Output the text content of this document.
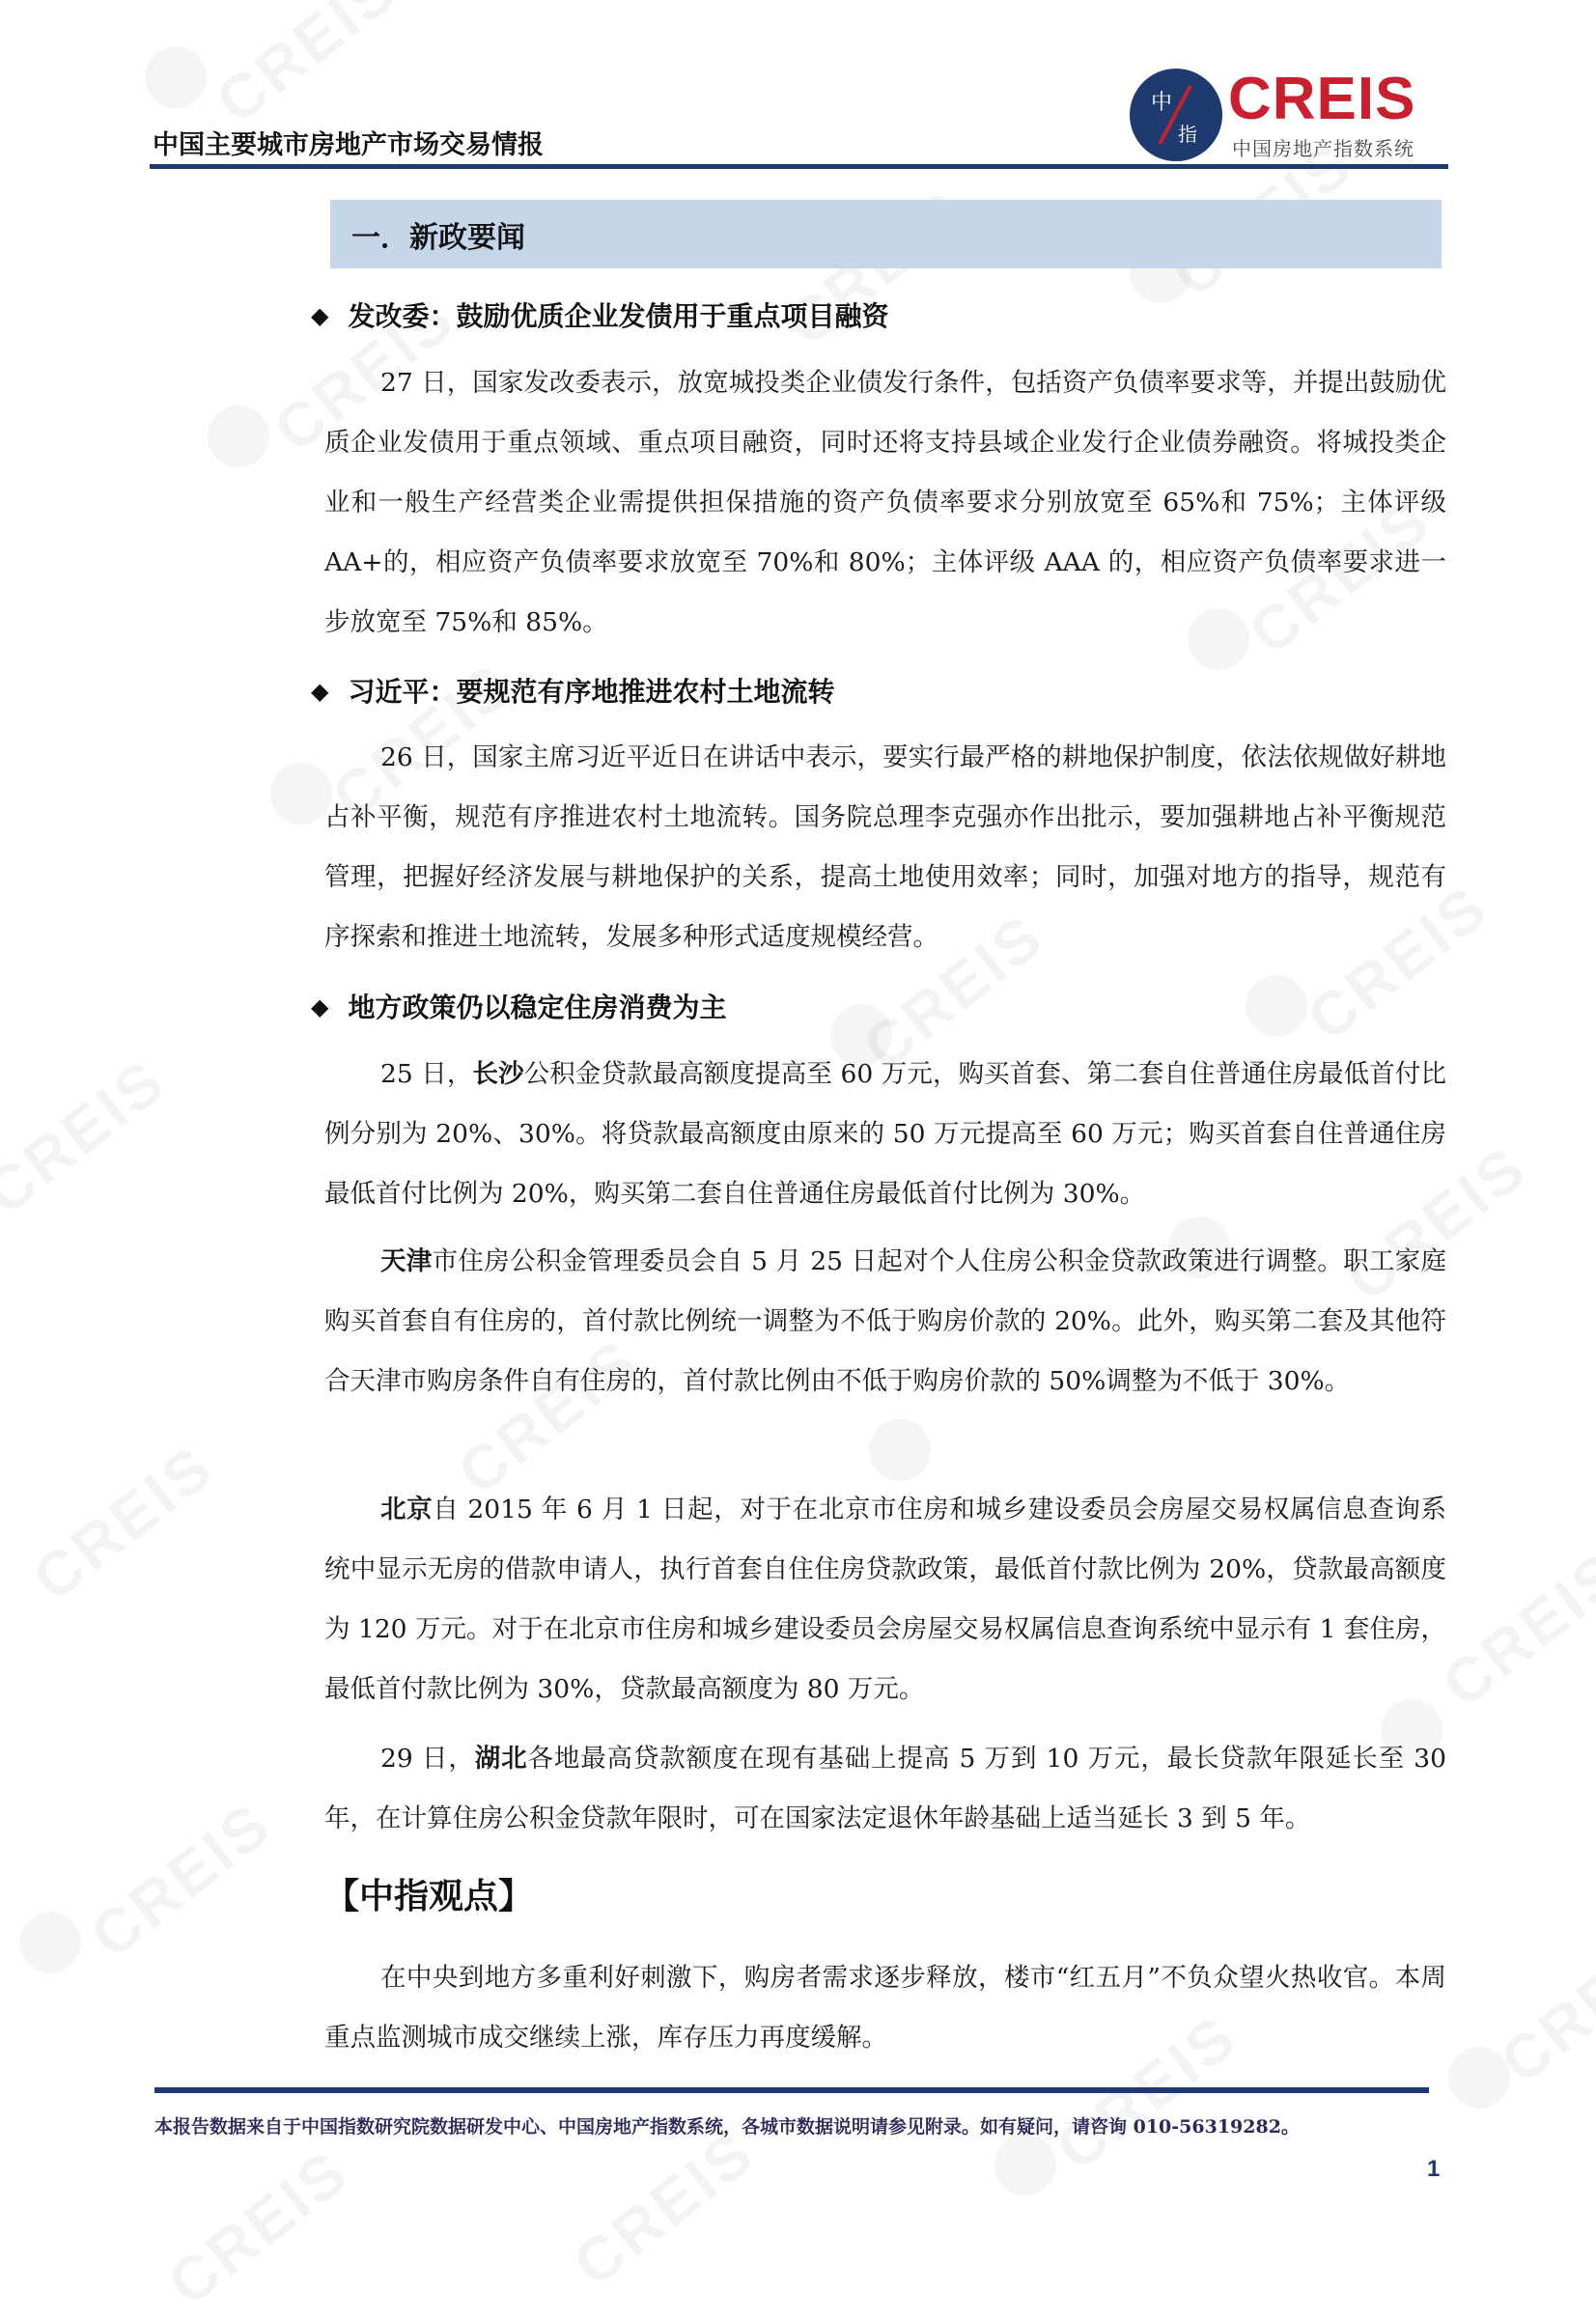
中国主要城市房地产市场交易情报
中
指
CREIS
中国房地产指数系统
一．新政要闻
◆ 发改委：鼓励优质企业发债用于重点项目融资

27 日，国家发改委表示，放宽城投类企业债发行条件，包括资产负债率要求等，并提出鼓励优质企业发债用于重点领域、重点项目融资，同时还将支持县域企业发行企业债券融资。将城投类企业和一般生产经营类企业需提供担保措施的资产负债率要求分别放宽至 65%和 75%；主体评级 AA+的，相应资产负债率要求放宽至 70%和 80%；主体评级 AAA 的，相应资产负债率要求进一步放宽至 75%和 85%。

◆ 习近平：要规范有序地推进农村土地流转

26 日，国家主席习近平近日在讲话中表示，要实行最严格的耕地保护制度，依法依规做好耕地占补平衡，规范有序推进农村土地流转。国务院总理李克强亦作出批示，要加强耕地占补平衡规范管理，把握好经济发展与耕地保护的关系，提高土地使用效率；同时，加强对地方的指导，规范有序探索和推进土地流转，发展多种形式适度规模经营。

◆ 地方政策仍以稳定住房消费为主

25 日，长沙公积金贷款最高额度提高至 60 万元，购买首套、第二套自住普通住房最低首付比例分别为 20%、30%。将贷款最高额度由原来的 50 万元提高至 60 万元；购买首套自住普通住房最低首付比例为 20%，购买第二套自住普通住房最低首付比例为 30%。

天津市住房公积金管理委员会自 5 月 25 日起对个人住房公积金贷款政策进行调整。职工家庭购买首套自有住房的，首付款比例统一调整为不低于购房价款的 20%。此外，购买第二套及其他符合天津市购房条件自有住房的，首付款比例由不低于购房价款的 50%调整为不低于 30%。

北京自 2015 年 6 月 1 日起，对于在北京市住房和城乡建设委员会房屋交易权属信息查询系统中显示无房的借款申请人，执行首套自住住房贷款政策，最低首付款比例为 20%，贷款最高额度为 120 万元。对于在北京市住房和城乡建设委员会房屋交易权属信息查询系统中显示有 1 套住房，最低首付款比例为 30%，贷款最高额度为 80 万元。

29 日，湖北各地最高贷款额度在现有基础上提高 5 万到 10 万元，最长贷款年限延长至 30 年，在计算住房公积金贷款年限时，可在国家法定退休年龄基础上适当延长 3 到 5 年。

【中指观点】

在中央到地方多重利好刺激下，购房者需求逐步释放，楼市“红五月”不负众望火热收官。本周重点监测城市成交继续上涨，库存压力再度缓解。

本报告数据来自于中国指数研究院数据研发中心、中国房地产指数系统，各城市数据说明请参见附录。如有疑问，请咨询 010-56319282。

1
